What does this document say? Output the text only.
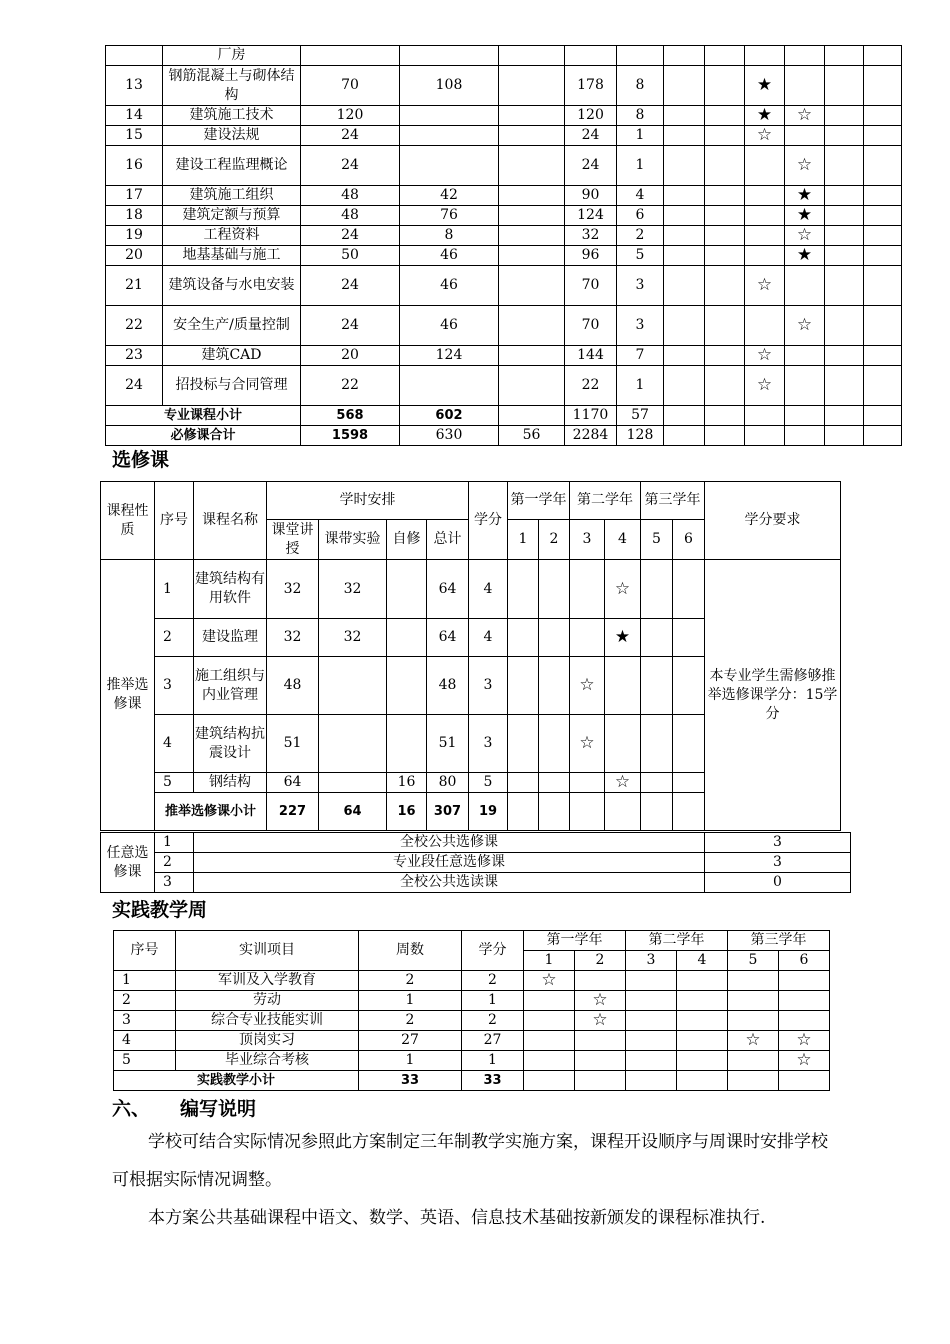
	厂房											
13	钢筋混凝土与砌体结构	70	108		178	8			★			
14	建筑施工技术	120			120	8			★	☆		
15	建设法规	24			24	1			☆			
16	建设工程监理概论	24			24	1				☆		
17	建筑施工组织	48	42		90	4				★		
18	建筑定额与预算	48	76		124	6				★		
19	工程资料	24	8		32	2				☆		
20	地基基础与施工	50	46		96	5				★		
21	建筑设备与水电安装	24	46		70	3			☆			
22	安全生产/质量控制	24	46		70	3				☆		
23	建筑CAD	20	124		144	7			☆			
24	招投标与合同管理	22			22	1			☆			
专业课程小计		568	602		1170	57						
必修课合计		1598	630	56	2284	128						
选修课
课程性质	序号	课程名称	学时安排				学分	第一学年		第二学年		第三学年		学分要求
			课堂讲授	课带实验	自修	总计		1	2	3	4	5	6	
推举选修课	1	建筑结构有用软件	32	32		64	4				☆			本专业学生需修够推举选修课学分：15学分
	2	建设监理	32	32		64	4				★			
	3	施工组织与内业管理	48			48	3			☆				
	4	建筑结构抗震设计	51			51	3			☆				
	5	钢结构	64		16	80	5				☆			
	推举选修课小计		227	64	16	307	19							
任意选修课	1	全校公共选修课	3
	2	专业段任意选修课	3
	3	全校公共选读课	0
实践教学周
序号	实训项目	周数	学分	第一学年		第二学年		第三学年	
				1	2	3	4	5	6
1	军训及入学教育	2	2	☆					
2	劳动	1	1		☆				
3	综合专业技能实训	2	2		☆				
4	顶岗实习	27	27					☆	☆
5	毕业综合考核	1	1						☆
实践教学小计		33	33						
六、 编写说明

学校可结合实际情况参照此方案制定三年制教学实施方案，课程开设顺序与周课时安排学校可根据实际情况调整。

本方案公共基础课程中语文、数学、英语、信息技术基础按新颁发的课程标准执行.
